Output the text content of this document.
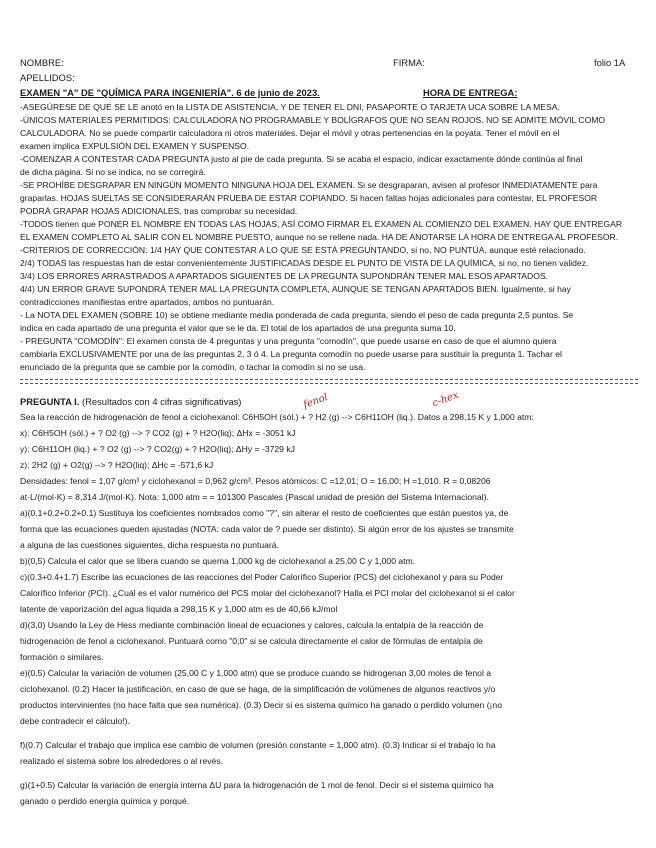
NOMBRE:	FIRMA:	folio 1A
APELLIDOS:
EXAMEN "A" DE "QUÍMICA PARA INGENIERÍA". 6 de junio de 2023.	HORA DE ENTREGA:
-ASEGÚRESE DE QUE SE LE anotó en la LISTA DE ASISTENCIA, Y DE TENER EL DNI, PASAPORTE O TARJETA UCA SOBRE LA MESA.
-ÚNICOS MATERIALES PERMITIDOS: CALCULADORA NO PROGRAMABLE Y BOLÍGRAFOS QUE NO SEAN ROJOS. NO SE ADMITE MÓVIL COMO
CALCULADORA. No se puede compartir calculadora ni otros materiales. Dejar el móvil y otras pertenencias en la poyata. Tener el móvil en el
examen implica EXPULSIÓN DEL EXAMEN Y SUSPENSO.
-COMENZAR A CONTESTAR CADA PREGUNTA justo al pie de cada pregunta. Si se acaba el espacio, indicar exactamente dónde continúa al final
de dicha página. Si no se indica, no se corregirá.
-SE PROHÍBE DESGRAPAR EN NINGÚN MOMENTO NINGUNA HOJA DEL EXAMEN. Si se desgraparan, avisen al profesor INMEDIATAMENTE para
graparlas. HOJAS SUELTAS SE CONSIDERARÁN PRUEBA DE ESTAR COPIANDO. Si hacen faltas hojas adicionales para contestar, EL PROFESOR
PODRÁ GRAPAR HOJAS ADICIONALES, tras comprobar su necesidad.
-TODOS tienen que PONER EL NOMBRE EN TODAS LAS HOJAS, ASÍ COMO FIRMAR EL EXAMEN AL COMIENZO DEL EXAMEN. HAY QUE ENTREGAR
EL EXAMEN COMPLETO AL SALIR CON EL NOMBRE PUESTO, aunque no se rellene nada. HA DE ANOTARSE LA HORA DE ENTREGA AL PROFESOR.
-CRITERIOS DE CORRECCIÓN: 1/4 HAY QUE CONTESTAR A LO QUE SE ESTÁ PREGUNTANDO, si no, NO PUNTÚA, aunque esté relacionado.
2/4) TODAS las respuestas han de estar convenientemente JUSTIFICADAS DESDE EL PUNTO DE VISTA DE LA QUÍMICA, si no, no tienen validez.
3/4) LOS ERRORES ARRASTRADOS A APARTADOS SIGUIENTES DE LA PREGUNTA SUPONDRÁN TENER MAL ESOS APARTADOS.
4/4) UN ERROR GRAVE SUPONDRÁ TENER MAL LA PREGUNTA COMPLETA, AUNQUE SE TENGAN APARTADOS BIEN. Igualmente, si hay
contradicciones manifiestas entre apartados, ambos no puntuarán.
- La NOTA DEL EXAMEN (SOBRE 10) se obtiene mediante media ponderada de cada pregunta, siendo el peso de cada pregunta 2,5 puntos. Se
indica en cada apartado de una pregunta el valor que se le da. El total de los apartados de una pregunta suma 10.
- PREGUNTA "COMODÍN": El examen consta de 4 preguntas y una pregunta "comodín", que puede usarse en caso de que el alumno quiera
cambiarla EXCLUSIVAMENTE por una de las preguntas 2, 3 ó 4. La pregunta comodín no puede usarse para sustituir la pregunta 1. Tachar el
enunciado de la pregunta que se cambie por la comodín, o tachar la comodín si no se usa.
PREGUNTA I. (Resultados con 4 cifras significativas)	fenol	c-hex
Sea la reacción de hidrogenación de fenol a ciclohexanol: C6H5OH (sól.) + ? H2 (g) --> C6H11OH (liq.). Datos a 298,15 K y 1,000 atm:
x): C6H5OH (sól.) + ? O2 (g) --> ? CO2 (g) + ? H2O(liq); ΔHx = -3051 kJ
y): C6H11OH (liq.) + ? O2 (g) --> ? CO2(g) + ? H2O(liq); ΔHy = -3729 kJ
z): 2H2 (g) + O2(g) --> ? H2O(liq); ΔHc = -571,6 kJ
Densidades: fenol = 1,07 g/cm³ y ciclohexanol = 0,962 g/cm³. Pesos atómicos: C =12,01; O = 16,00; H =1,010. R = 0,08206
at·L/(mol·K) = 8,314 J/(mol·K). Nota: 1,000 atm = = 101300 Pascales (Pascal unidad de presión del Sistema Internacional).
a)(0.1+0.2+0.2+0.1) Sustituya los coeficientes nombrados como "?", sin alterar el resto de coeficientes que están puestos ya, de
forma que las ecuaciones queden ajustadas (NOTA: cada valor de ? puede ser distinto). Si algún error de los ajustes se transmite
a alguna de las cuestiones siguientes, dicha respuesta no puntuará.
b)(0,5) Calcula el calor que se libera cuando se quema 1,000 kg de ciclohexanol a 25,00 C y 1,000 atm.
c)(0.3+0.4+1.7) Escribe las ecuaciones de las reacciones del Poder Calorífico Superior (PCS) del ciclohexanol y para su Poder
Calorífico Inferior (PCI). ¿Cuál es el valor numérico del PCS molar del ciclohexanol? Halla el PCI molar del ciclohexanol si el calor
latente de vaporización del agua líquida a 298,15 K y 1,000 atm es de 40,66 kJ/mol
d)(3,0) Usando la Ley de Hess mediante combinación lineal de ecuaciones y calores, calcula la entalpía de la reacción de
hidrogenación de fenol a ciclohexanol. Puntuará como "0,0" si se calcula directamente el calor de fórmulas de entalpía de
formación o similares.
e)(0.5) Calcular la variación de volumen (25,00 C y 1,000 atm) que se produce cuando se hidrogenan 3,00 moles de fenol a
ciclohexanol. (0.2) Hacer la justificación, en caso de que se haga, de la simplificación de volúmenes de algunos reactivos y/o
productos intervinientes (no hace falta que sea numérica). (0.3) Decir si es sistema químico ha ganado o perdido volumen (¡no
debe contradecir el cálculo!).
f)(0.7) Calcular el trabajo que implica ese cambio de volumen (presión constante = 1,000 atm). (0.3) Indicar si el trabajo lo ha
realizado el sistema sobre los alrededores o al revés.
g)(1+0.5) Calcular la variación de energía interna ΔU para la hidrogenación de 1 mol de fenol. Decir si el sistema químico ha
ganado o perdido energía química y porqué.
